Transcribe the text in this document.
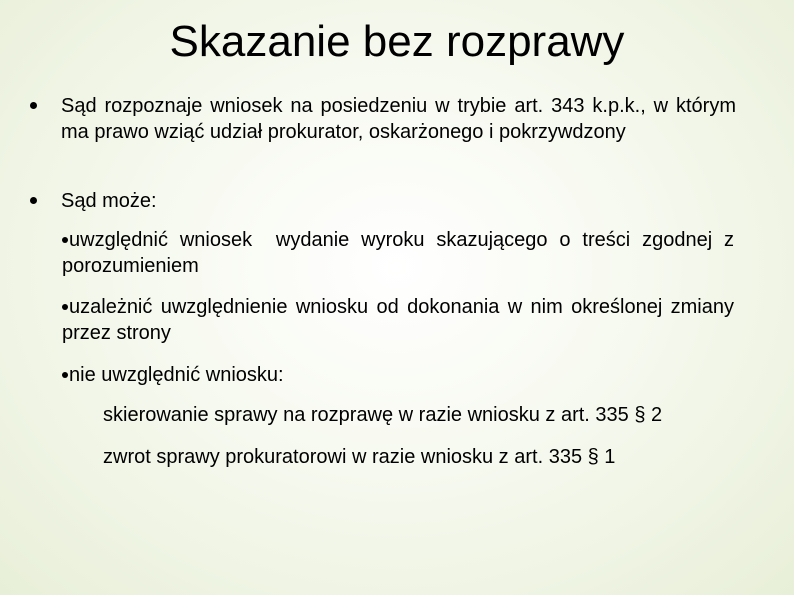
Skazanie bez rozprawy
Sąd rozpoznaje wniosek na posiedzeniu w trybie art. 343 k.p.k., w którym ma prawo wziąć udział prokurator, oskarżonego i pokrzywdzony
Sąd może:
uwzględnić wniosek wydanie wyroku skazującego o treści zgodnej z porozumieniem
uzależnić uwzględnienie wniosku od dokonania w nim określonej zmiany przez strony
nie uwzględnić wniosku:
skierowanie sprawy na rozprawę w razie wniosku z art. 335 § 2
zwrot sprawy prokuratorowi w razie wniosku z art. 335 § 1
